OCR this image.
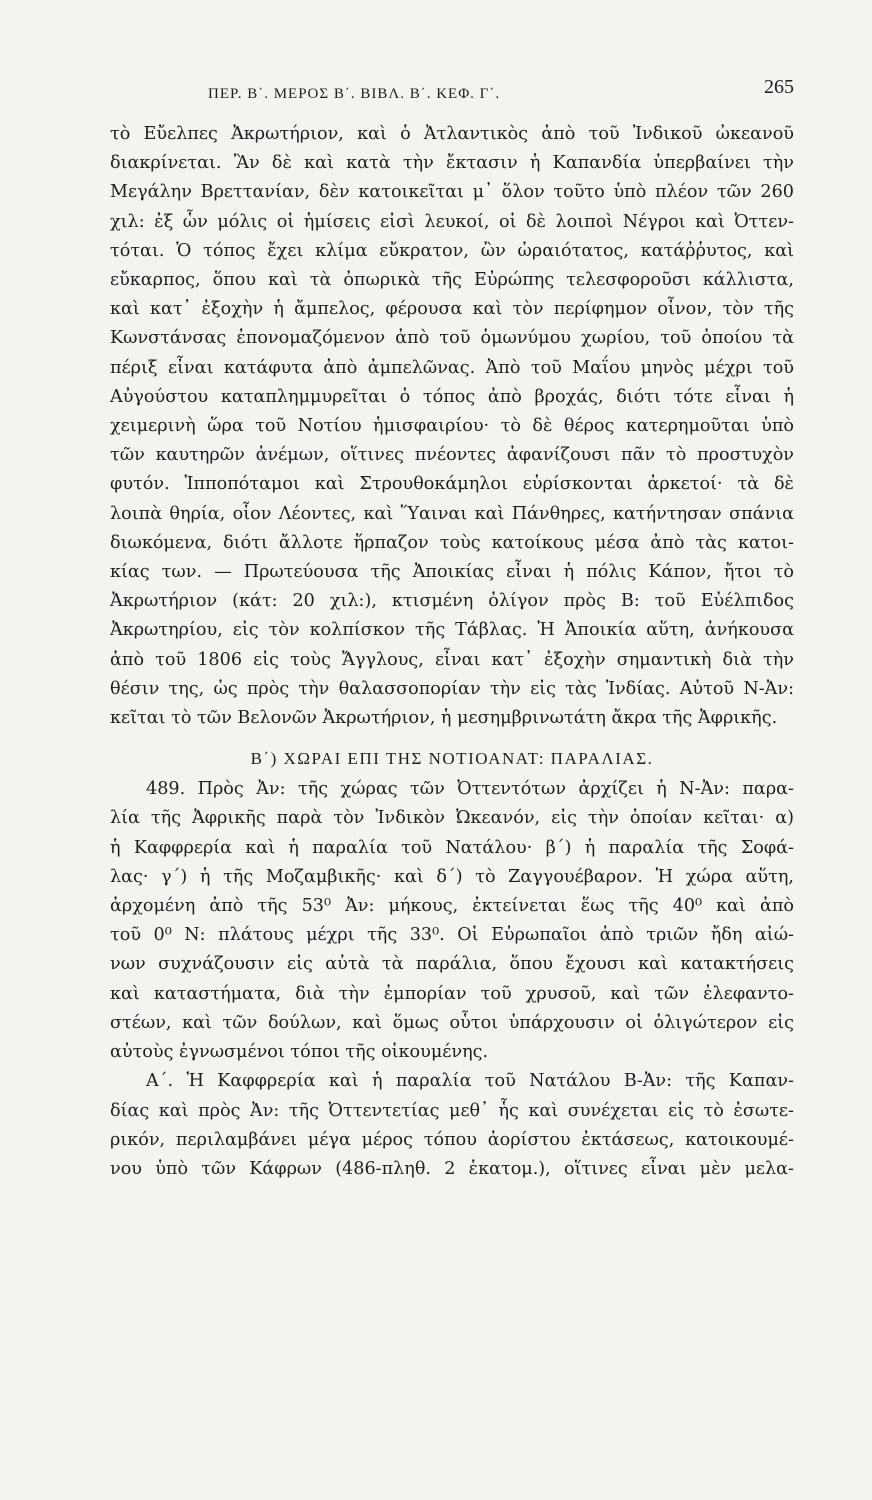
ΠΕΡ. Β΄. ΜΕΡΟΣ Β΄. ΒΙΒΛ. Β΄. ΚΕΦ. Γ΄.	265

τὸ Εὔελπες Ἀκρωτήριον, καὶ ὁ Ἀτλαντικὸς ἀπὸ τοῦ Ἰνδικοῦ ὠκεανοῦ

διακρίνεται. Ἂν δὲ καὶ κατὰ τὴν ἔκτασιν ἡ Καπανδία ὑπερβαίνει τὴν

Μεγάλην Βρεττανίαν, δὲν κατοικεῖται μ᾽ ὅλον τοῦτο ὑπὸ πλέον τῶν 260

χιλ: ἐξ ὧν μόλις οἱ ἡμίσεις εἰσὶ λευκοί, οἱ δὲ λοιποὶ Νέγροι καὶ Ὀττεν-

τόται. Ὁ τόπος ἔχει κλίμα εὔκρατον, ὢν ὡραιότατος, κατάῤῥυτος, καὶ

εὔκαρπος, ὅπου καὶ τὰ ὀπωρικὰ τῆς Εὐρώπης τελεσφοροῦσι κάλλιστα,

καὶ κατ᾽ ἐξοχὴν ἡ ἄμπελος, φέρουσα καὶ τὸν περίφημον οἶνον, τὸν τῆς

Κωνστάνσας ἐπονομαζόμενον ἀπὸ τοῦ ὁμωνύμου χωρίου, τοῦ ὁποίου τὰ

πέριξ εἶναι κατάφυτα ἀπὸ ἀμπελῶνας. Ἀπὸ τοῦ Μαΐου μηνὸς μέχρι τοῦ

Αὐγούστου καταπλημμυρεῖται ὁ τόπος ἀπὸ βροχάς, διότι τότε εἶναι ἡ

χειμερινὴ ὥρα τοῦ Νοτίου ἡμισφαιρίου· τὸ δὲ θέρος κατερημοῦται ὑπὸ

τῶν καυτηρῶν ἀνέμων, οἵτινες πνέοντες ἀφανίζουσι πᾶν τὸ προστυχὸν

φυτόν. Ἱπποπόταμοι καὶ Στρουθοκάμηλοι εὑρίσκονται ἀρκετοί· τὰ δὲ

λοιπὰ θηρία, οἷον Λέοντες, καὶ Ὕαιναι καὶ Πάνθηρες, κατήντησαν σπάνια

διωκόμενα, διότι ἄλλοτε ἥρπαζον τοὺς κατοίκους μέσα ἀπὸ τὰς κατοι-

κίας των. — Πρωτεύουσα τῆς Ἀποικίας εἶναι ἡ πόλις Κάπον, ἤτοι τὸ

Ἀκρωτήριον (κάτ: 20 χιλ:), κτισμένη ὀλίγον πρὸς Β: τοῦ Εὐέλπιδος

Ἀκρωτηρίου, εἰς τὸν κολπίσκον τῆς Τάβλας. Ἡ Ἀποικία αὕτη, ἀνήκουσα

ἀπὸ τοῦ 1806 εἰς τοὺς Ἄγγλους, εἶναι κατ᾽ ἐξοχὴν σημαντικὴ διὰ τὴν

θέσιν της, ὡς πρὸς τὴν θαλασσοπορίαν τὴν εἰς τὰς Ἰνδίας. Αὐτοῦ Ν-Ἀν:

κεῖται τὸ τῶν Βελονῶν Ἀκρωτήριον, ἡ μεσημβρινωτάτη ἄκρα τῆς Ἀφρικῆς.

Β΄) ΧΩΡΑΙ ΕΠΙ ΤΗΣ ΝΟΤΙΟΑΝΑΤ: ΠΑΡΑΛΙΑΣ.

489. Πρὸς Ἀν: τῆς χώρας τῶν Ὀττεντότων ἀρχίζει ἡ Ν-Ἀν: παρα-

λία τῆς Ἀφρικῆς παρὰ τὸν Ἰνδικὸν Ὠκεανόν, εἰς τὴν ὁποίαν κεῖται· α)

ἡ Καφφρερία καὶ ἡ παραλία τοῦ Νατάλου· β΄) ἡ παραλία τῆς Σοφά-

λας· γ΄) ἡ τῆς Μοζαμβικῆς· καὶ δ΄) τὸ Ζαγγουέβαρον. Ἡ χώρα αὕτη,

ἀρχομένη ἀπὸ τῆς 53⁰ Ἀν: μήκους, ἐκτείνεται ἕως τῆς 40⁰ καὶ ἀπὸ

τοῦ 0⁰ Ν: πλάτους μέχρι τῆς 33⁰. Οἱ Εὐρωπαῖοι ἀπὸ τριῶν ἤδη αἰώ-

νων συχνάζουσιν εἰς αὐτὰ τὰ παράλια, ὅπου ἔχουσι καὶ κατακτήσεις

καὶ καταστήματα, διὰ τὴν ἐμπορίαν τοῦ χρυσοῦ, καὶ τῶν ἐλεφαντο-

στέων, καὶ τῶν δούλων, καὶ ὅμως οὗτοι ὑπάρχουσιν οἱ ὀλιγώτερον εἰς

αὐτοὺς ἐγνωσμένοι τόποι τῆς οἰκουμένης.

Α΄. Ἡ Καφφρερία καὶ ἡ παραλία τοῦ Νατάλου Β-Ἀν: τῆς Καπαν-

δίας καὶ πρὸς Ἀν: τῆς Ὀττεντετίας μεθ᾽ ἧς καὶ συνέχεται εἰς τὸ ἐσωτε-

ρικόν, περιλαμβάνει μέγα μέρος τόπου ἀορίστου ἐκτάσεως, κατοικουμέ-

νου ὑπὸ τῶν Κάφρων (486-πληθ. 2 ἑκατομ.), οἵτινες εἶναι μὲν μελα-
